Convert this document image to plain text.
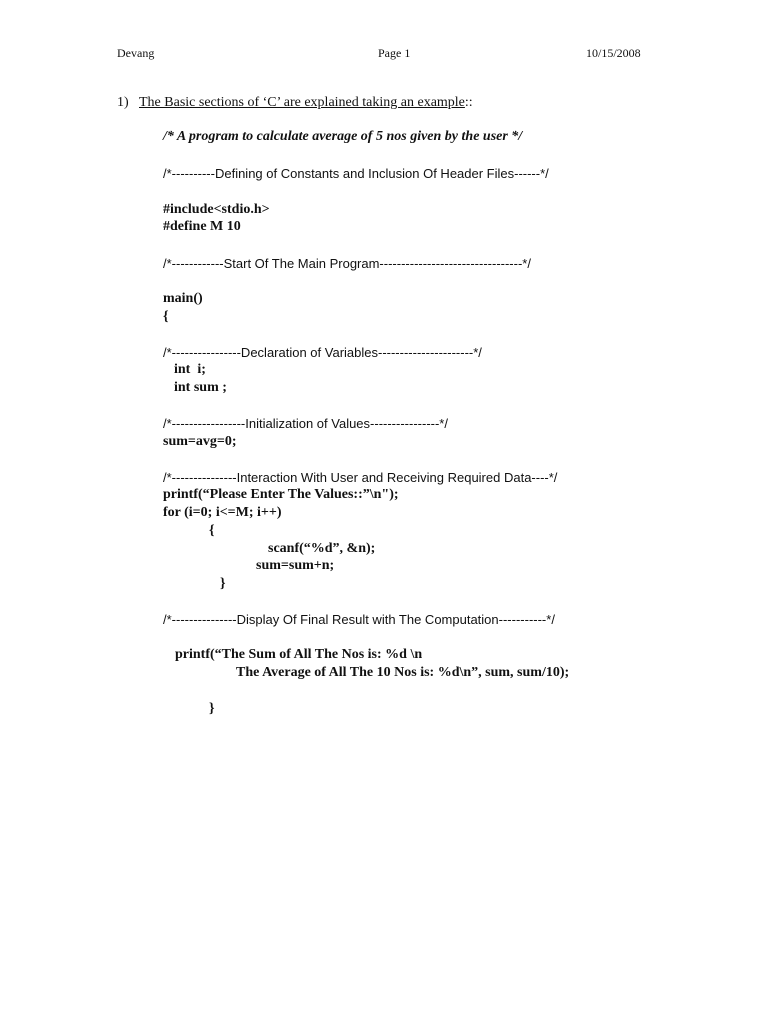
Devang	Page 1	10/15/2008
1) The Basic sections of ‘C’ are explained taking an example::
/* A program to calculate average of 5 nos given by the user */
/*----------Defining of Constants and Inclusion Of Header Files------*/
#include<stdio.h>
#define M 10
/*------------Start Of The Main Program---------------------------------*/
main()
{
/*----------------Declaration of Variables----------------------*/
int  i;
int sum ;
/*-----------------Initialization of Values----------------*/
sum=avg=0;
/*---------------Interaction With User and Receiving Required Data----*/
printf(“Please Enter The Values::”\n");
for (i=0; i<=M; i++)
{
scanf(“%d”, &n);
sum=sum+n;
}
/*---------------Display Of Final Result with The Computation-----------*/
printf(“The Sum of All The Nos is: %d \n
The Average of All The 10 Nos is: %d\n”, sum, sum/10);
}
